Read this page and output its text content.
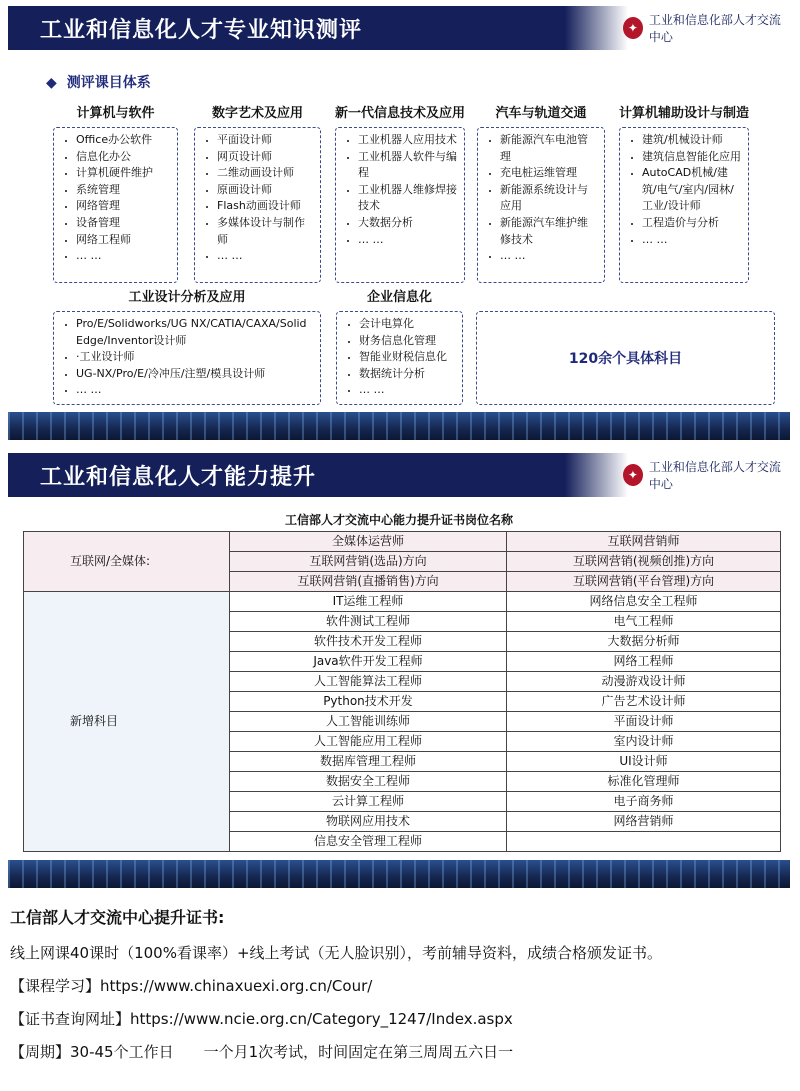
工业和信息化人才专业知识测评	✦
工业和信息化部人才交流中心
◆ 测评课目体系
计算机与软件
• Office办公软件
• 信息化办公
• 计算机硬件维护
• 系统管理
• 网络管理
• 设备管理
• 网络工程师
• … …
数字艺术及应用
• 平面设计师
• 网页设计师
• 二维动画设计师
• 原画设计师
• Flash动画设计师
• 多媒体设计与制作师
• … …
新一代信息技术及应用
• 工业机器人应用技术
• 工业机器人软件与编程
• 工业机器人维修焊接技术
• 大数据分析
• … …
汽车与轨道交通
• 新能源汽车电池管理
• 充电桩运维管理
• 新能源系统设计与应用
• 新能源汽车维护维修技术
• … …
计算机辅助设计与制造
• 建筑/机械设计师
• 建筑信息智能化应用
• AutoCAD机械/建筑/电气/室内/园林/工业/设计师
• 工程造价与分析
• … …
工业设计分析及应用
• Pro/E/Solidworks/UG NX/CATIA/CAXA/Solid Edge/Inventor设计师
• ·工业设计师
• UG-NX/Pro/E/冷冲压/注塑/模具设计师
• … …
企业信息化
• 会计电算化
• 财务信息化管理
• 智能业财税信息化
• 数据统计分析
• … …
120余个具体科目
工业和信息化人才能力提升	✦
工业和信息化部人才交流中心
工信部人才交流中心能力提升证书岗位名称
互联网/全媒体:	全媒体运营师	互联网营销师
	互联网营销(选品)方向	互联网营销(视频创推)方向
	互联网营销(直播销售)方向	互联网营销(平台管理)方向
新增科目	IT运维工程师	网络信息安全工程师
	软件测试工程师	电气工程师
	软件技术开发工程师	大数据分析师
	Java软件开发工程师	网络工程师
	人工智能算法工程师	动漫游戏设计师
	Python技术开发	广告艺术设计师
	人工智能训练师	平面设计师
	人工智能应用工程师	室内设计师
	数据库管理工程师	UI设计师
	数据安全工程师	标准化管理师
	云计算工程师	电子商务师
	物联网应用技术	网络营销师
	信息安全管理工程师	
工信部人才交流中心提升证书:
线上网课40课时（100%看课率）+线上考试（无人脸识别），考前辅导资料，成绩合格颁发证书。
【课程学习】https://www.chinaxuexi.org.cn/Cour/
【证书查询网址】https://www.ncie.org.cn/Category_1247/Index.aspx
【周期】30-45个工作日　　一个月1次考试，时间固定在第三周周五六日一
